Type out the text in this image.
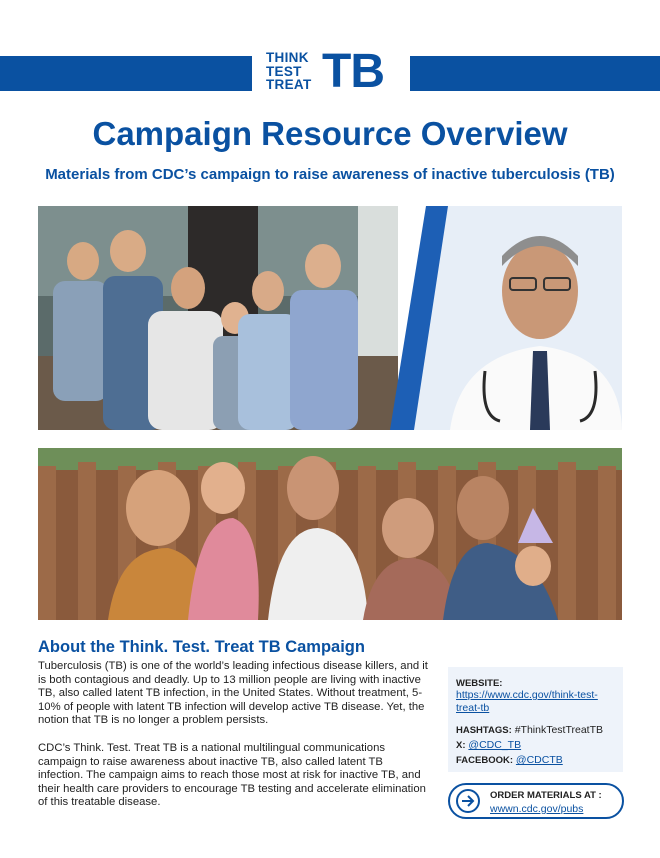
THINK
TEST
TREAT TB
Campaign Resource Overview
Materials from CDC’s campaign to raise awareness of inactive tuberculosis (TB)
About the Think. Test. Treat TB Campaign
Tuberculosis (TB) is one of the world’s leading infectious disease killers, and it is both contagious and deadly. Up to 13 million people are living with inactive TB, also called latent TB infection, in the United States. Without treatment, 5-10% of people with latent TB infection will develop active TB disease. Yet, the notion that TB is no longer a problem persists.
CDC’s Think. Test. Treat TB is a national multilingual communications campaign to raise awareness about inactive TB, also called latent TB infection. The campaign aims to reach those most at risk for inactive TB, and their health care providers to encourage TB testing and accelerate elimination of this treatable disease.
WEBSITE:
https://www.cdc.gov/think-test-
treat-tb
HASHTAGS: #ThinkTestTreatTB
X: @CDC_TB
FACEBOOK: @CDCTB
ORDER MATERIALS AT :
wwwn.cdc.gov/pubs
